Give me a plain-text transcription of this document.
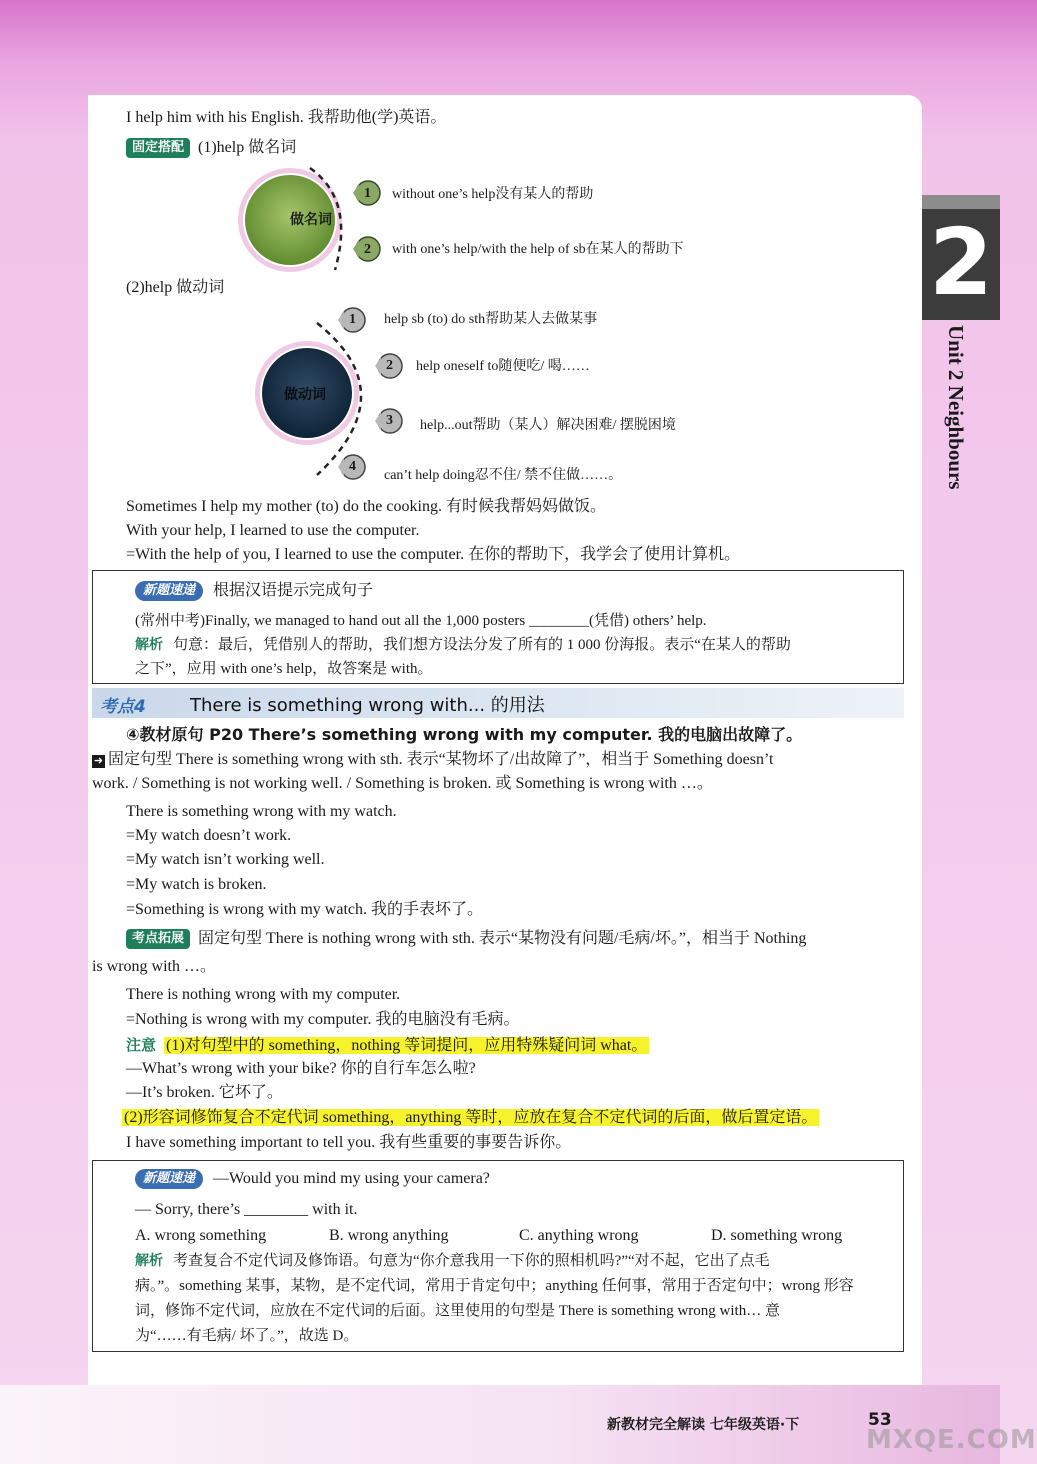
2
Unit 2 Neighbours
I help him with his English. 我帮助他(学)英语。
固定搭配 (1)help 做名词
做名词
1 without one’s help没有某人的帮助
2 with one’s help/with the help of sb在某人的帮助下
(2)help 做动词
做动词
1 help sb (to) do sth帮助某人去做某事
2 help oneself to随便吃/ 喝……
3 help...out帮助（某人）解决困难/ 摆脱困境
4
can’t help doing忍不住/ 禁不住做……。
Sometimes I help my mother (to) do the cooking. 有时候我帮妈妈做饭。
With your help, I learned to use the computer.
=With the help of you, I learned to use the computer. 在你的帮助下，我学会了使用计算机。
新题速递 根据汉语提示完成句子
(常州中考)Finally, we managed to hand out all the 1,000 posters ________(凭借) others’ help.
解析 句意：最后，凭借别人的帮助，我们想方设法分发了所有的 1 000 份海报。表示“在某人的帮助
之下”，应用 with one’s help，故答案是 with。
考点4 There is something wrong with... 的用法
④教材原句 P20 There’s something wrong with my computer. 我的电脑出故障了。
➜ 固定句型 There is something wrong with sth. 表示“某物坏了/出故障了”，相当于 Something doesn’t
work. / Something is not working well. / Something is broken. 或 Something is wrong with …。
There is something wrong with my watch.
=My watch doesn’t work.
=My watch isn’t working well.
=My watch is broken.
=Something is wrong with my watch. 我的手表坏了。
考点拓展 固定句型 There is nothing wrong with sth. 表示“某物没有问题/毛病/坏。”，相当于 Nothing
is wrong with …。
There is nothing wrong with my computer.
=Nothing is wrong with my computer. 我的电脑没有毛病。
注意 (1)对句型中的 something，nothing 等词提问，应用特殊疑问词 what。
—What’s wrong with your bike? 你的自行车怎么啦?
—It’s broken. 它坏了。
(2)形容词修饰复合不定代词 something，anything 等时，应放在复合不定代词的后面，做后置定语。
I have something important to tell you. 我有些重要的事要告诉你。
新题速递 —Would you mind my using your camera?
— Sorry, there’s ________ with it.
A. wrong something	B. wrong anything	C. anything wrong	D. something wrong
解析 考查复合不定代词及修饰语。句意为“你介意我用一下你的照相机吗?”“对不起，它出了点毛
病。”。something 某事，某物，是不定代词，常用于肯定句中；anything 任何事，常用于否定句中；wrong 形容
词，修饰不定代词，应放在不定代词的后面。这里使用的句型是 There is something wrong with… 意
为“……有毛病/ 坏了。”，故选 D。
新教材完全解读 七年级英语·下	53
MXQE.COM
